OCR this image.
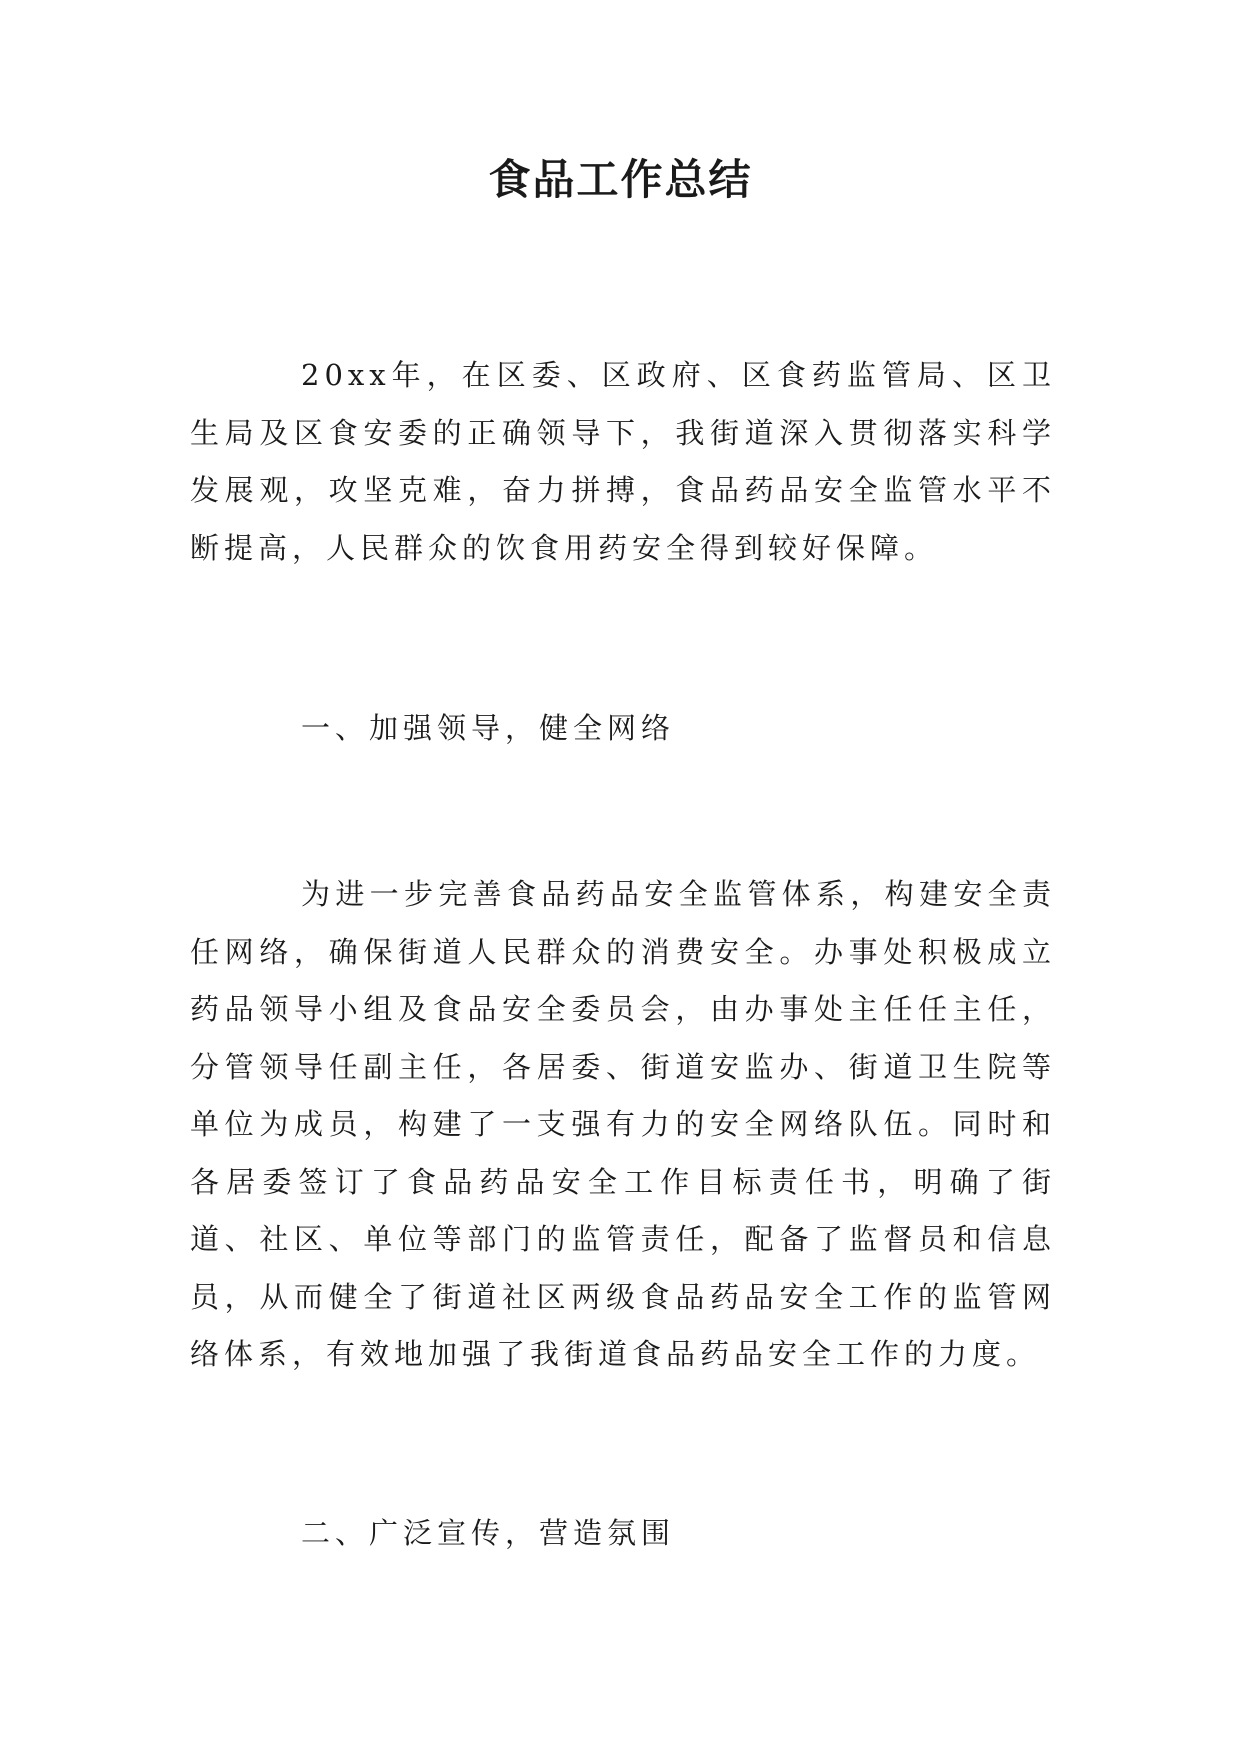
食品工作总结

20xx年，在区委、区政府、区食药监管局、区卫生局及区食安委的正确领导下，我街道深入贯彻落实科学发展观，攻坚克难，奋力拼搏，食品药品安全监管水平不断提高，人民群众的饮食用药安全得到较好保障。

一、加强领导，健全网络

为进一步完善食品药品安全监管体系，构建安全责任网络，确保街道人民群众的消费安全。办事处积极成立药品领导小组及食品安全委员会，由办事处主任任主任，分管领导任副主任，各居委、街道安监办、街道卫生院等单位为成员，构建了一支强有力的安全网络队伍。同时和各居委签订了食品药品安全工作目标责任书，明确了街道、社区、单位等部门的监管责任，配备了监督员和信息员，从而健全了街道社区两级食品药品安全工作的监管网络体系，有效地加强了我街道食品药品安全工作的力度。

二、广泛宣传，营造氛围
